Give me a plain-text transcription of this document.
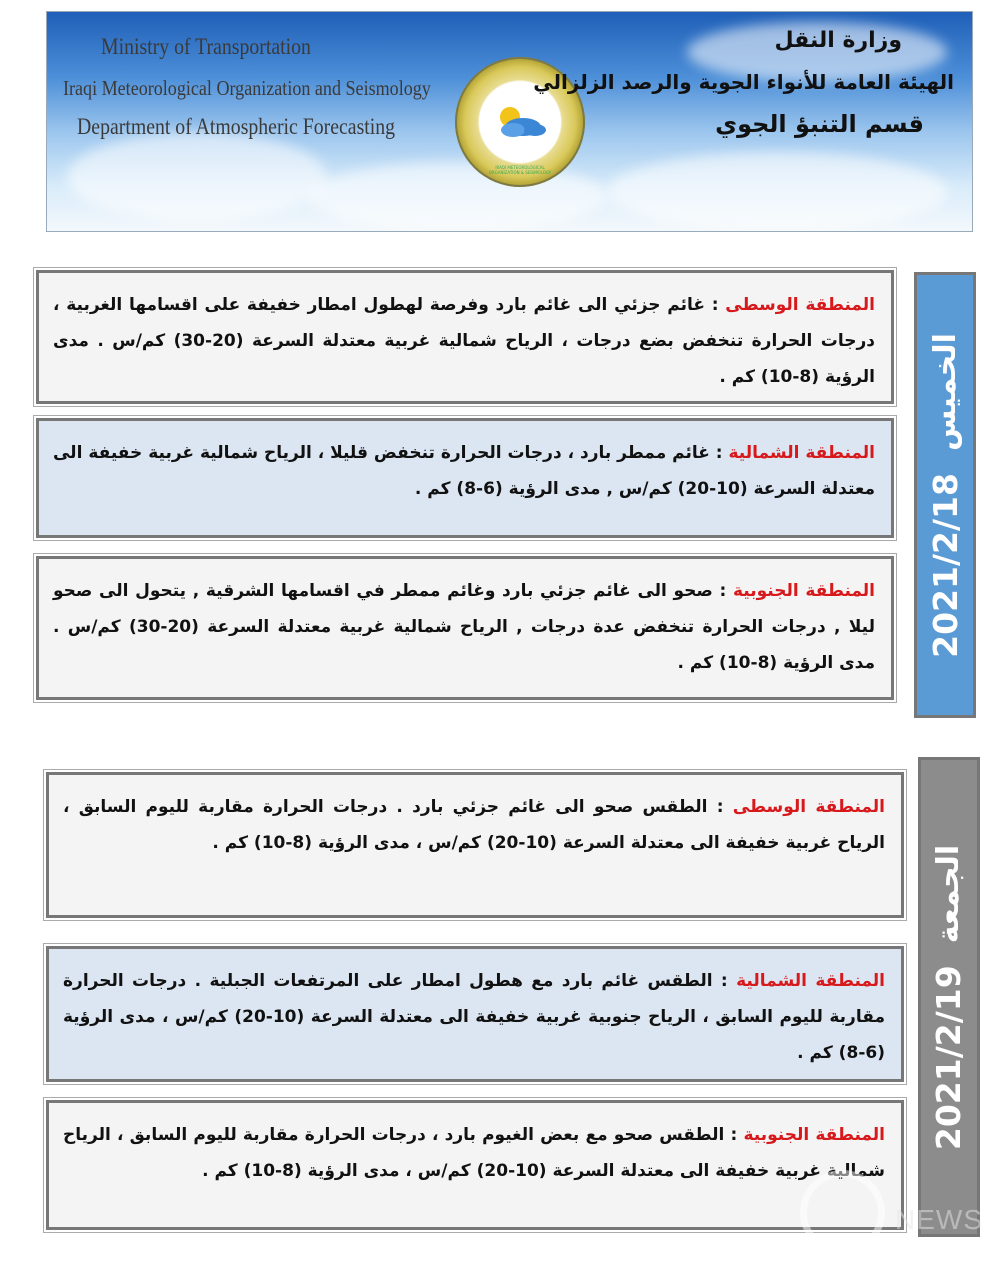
Ministry of Transportation
Iraqi Meteorological Organization and Seismology
Department of Atmospheric Forecasting
IRAQI METEOROLOGICAL ORGANIZATION & SEISMOLOGY
وزارة النقل
الهيئة العامة للأنواء الجوية والرصد الزلزالي
قسم التنبؤ الجوي

المنطقة الوسطى : غائم جزئي الى غائم بارد وفرصة لهطول امطار خفيفة على اقسامها الغربية ، درجات الحرارة تنخفض بضع درجات ، الرياح شمالية غربية معتدلة السرعة (20-30) كم/س . مدى الرؤية (8-10) كم .

المنطقة الشمالية : غائم ممطر بارد ، درجات الحرارة تنخفض قليلا ، الرياح شمالية غربية خفيفة الى معتدلة السرعة (10-20) كم/س , مدى الرؤية (6-8) كم .

المنطقة الجنوبية : صحو الى غائم جزئي بارد وغائم ممطر في اقسامها الشرقية , يتحول الى صحو ليلا , درجات الحرارة تنخفض عدة درجات , الرياح شمالية غربية معتدلة السرعة (20-30) كم/س . مدى الرؤية (8-10) كم .

2021/2/18
الخميس

المنطقة الوسطى : الطقس صحو الى غائم جزئي بارد . درجات الحرارة مقاربة لليوم السابق ، الرياح غربية خفيفة الى معتدلة السرعة (10-20) كم/س ، مدى الرؤية (8-10) كم .

المنطقة الشمالية : الطقس غائم بارد مع هطول امطار على المرتفعات الجبلية . درجات الحرارة مقاربة لليوم السابق ، الرياح جنوبية غربية خفيفة الى معتدلة السرعة (10-20) كم/س ، مدى الرؤية (6-8) كم .

المنطقة الجنوبية : الطقس صحو مع بعض الغيوم بارد ، درجات الحرارة مقاربة لليوم السابق ، الرياح شمالية غربية خفيفة الى معتدلة السرعة (10-20) كم/س ، مدى الرؤية (8-10) كم .

2021/2/19
الجمعة
NEWS
